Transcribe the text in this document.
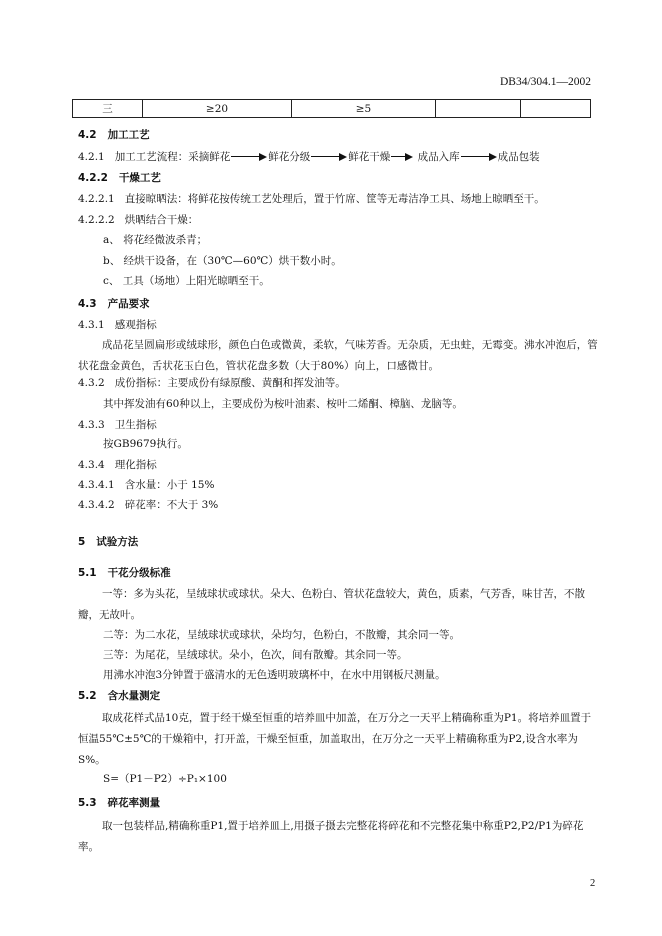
DB34/304.1—2002
三	≥20	≥5		
4.2 加工工艺
4.2.1 加工工艺流程：采摘鲜花	鲜花分级	鲜花干燥	成品入库	成品包装
4.2.2 干燥工艺
4.2.2.1 直接晾晒法：将鲜花按传统工艺处理后，置于竹席、筐等无毒洁净工具、场地上晾晒至干。
4.2.2.2 烘晒结合干燥：
a、 将花经微波杀青；
b、 经烘干设备，在（30℃—60℃）烘干数小时。
c、 工具（场地）上阳光晾晒至干。
4.3 产品要求
4.3.1 感观指标
成品花呈圆扁形或绒球形，颜色白色或微黄，柔软，气味芳香。无杂质，无虫蛀，无霉变。沸水冲泡后，管状花盘金黄色，舌状花玉白色，管状花盘多数（大于80%）向上，口感微甘。
4.3.2 成份指标：主要成份有绿原酸、黄酮和挥发油等。
其中挥发油有60种以上，主要成份为桉叶油素、桉叶二烯酮、樟脑、龙脑等。
4.3.3 卫生指标
按GB9679执行。
4.3.4 理化指标
4.3.4.1 含水量：小于 15%
4.3.4.2 碎花率：不大于 3%
5 试验方法
5.1 干花分级标准
一等：多为头花，呈绒球状或球状。朵大、色粉白、管状花盘较大，黄色，质素，气芳香，味甘苦，不散瓣，无故叶。
二等：为二水花，呈绒球状或球状，朵均匀，色粉白，不散瓣，其余同一等。
三等：为尾花，呈绒球状。朵小，色次，间有散瓣。其余同一等。
用沸水冲泡3分钟置于盛清水的无色透明玻璃杯中，在水中用钢板尺测量。
5.2 含水量测定
取成花样式品10克，置于经干燥至恒重的培养皿中加盖，在万分之一天平上精确称重为P1。将培养皿置于恒温55℃±5℃的干燥箱中，打开盖，干燥至恒重，加盖取出，在万分之一天平上精确称重为P2,设含水率为S%。
S=（P1－P2）÷P₁×100
5.3 碎花率测量
取一包装样品,精确称重P1,置于培养皿上,用摄子摄去完整花将碎花和不完整花集中称重P2,P2/P1为碎花率。
2
